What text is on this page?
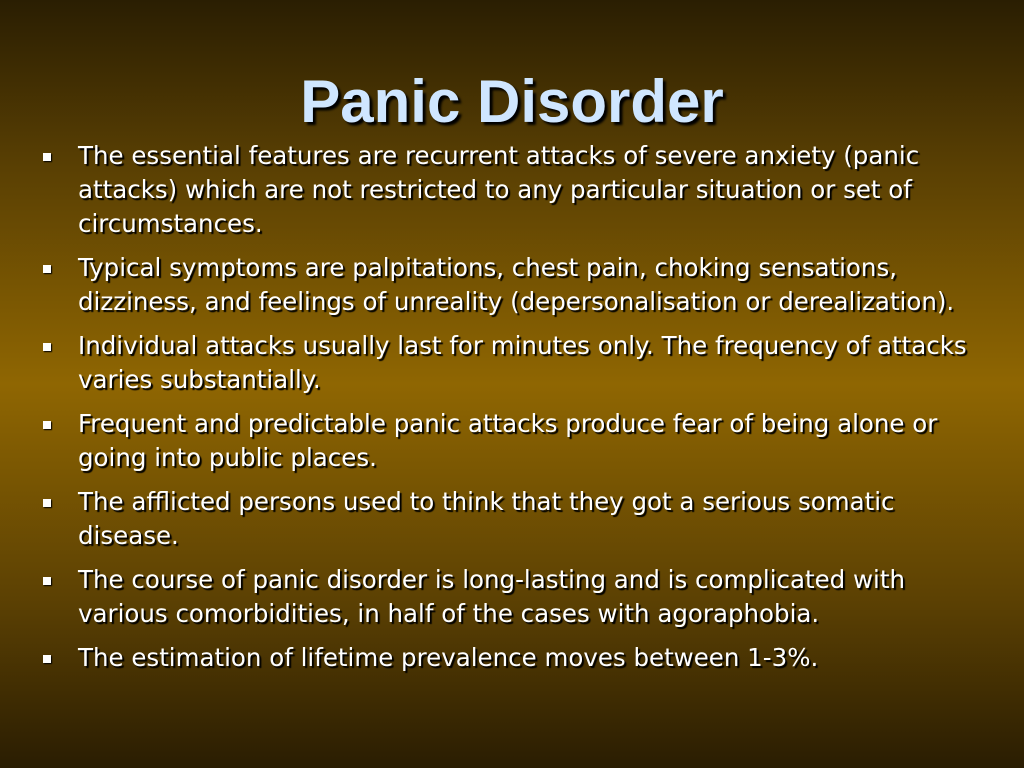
Panic Disorder
The essential features are recurrent attacks of severe anxiety (panic attacks) which are not restricted to any particular situation or set of circumstances.
Typical symptoms are palpitations, chest pain, choking sensations, dizziness, and feelings of unreality (depersonalisation or derealization).
Individual attacks usually last for minutes only. The frequency of attacks varies substantially.
Frequent and predictable panic attacks produce fear of being alone or going into public places.
The afflicted persons used to think that they got a serious somatic disease.
The course of panic disorder is long-lasting and is complicated with various comorbidities, in half of the cases with agoraphobia.
The estimation of lifetime prevalence moves between 1-3%.
